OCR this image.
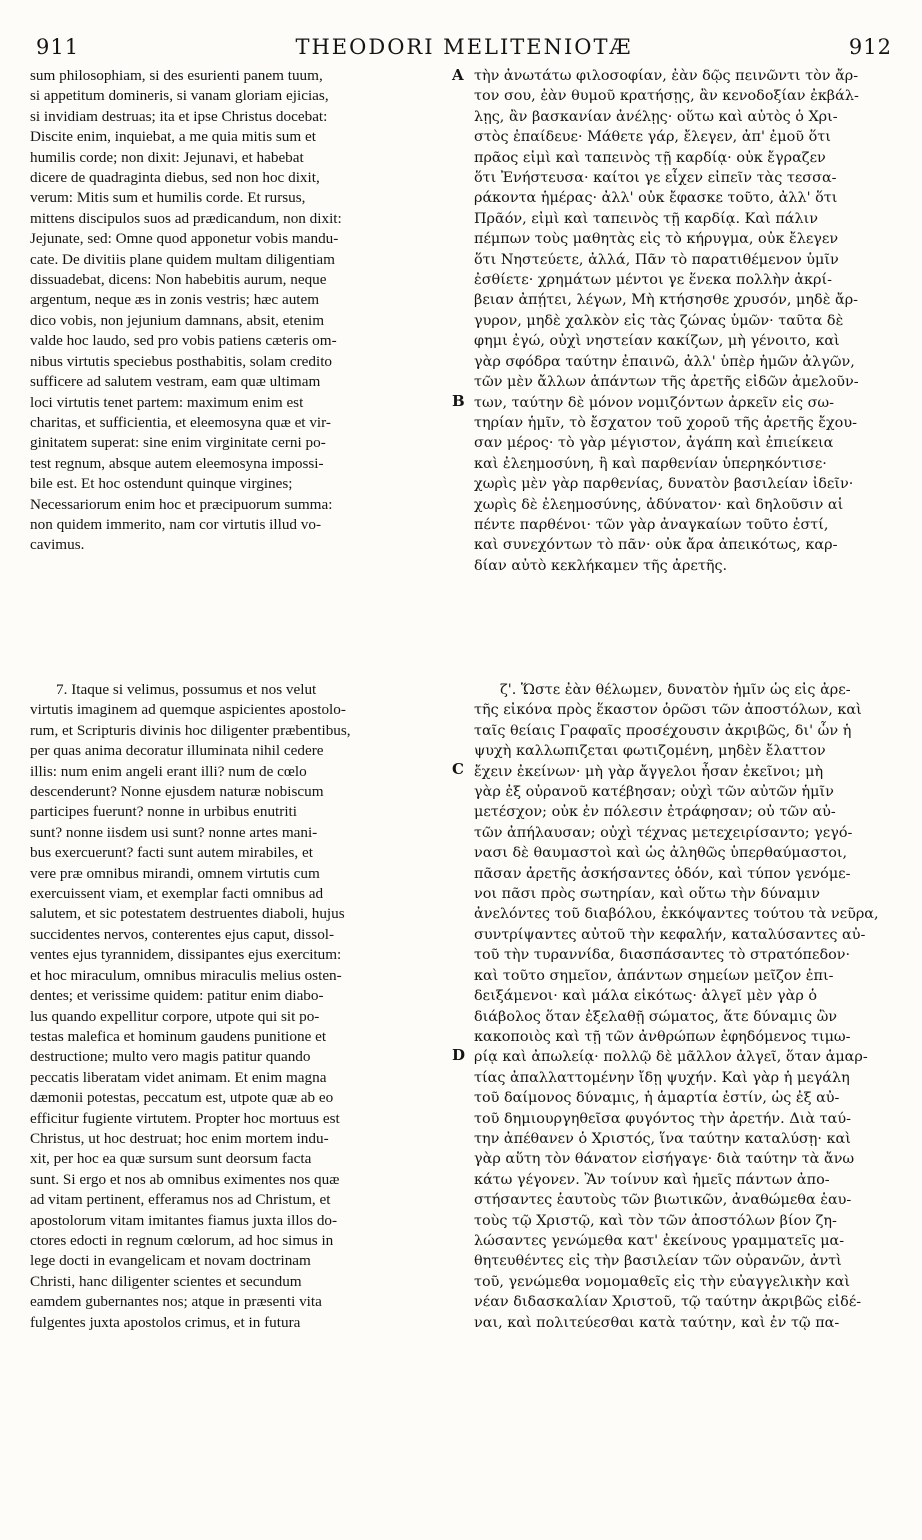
911	THEODORI MELITENIOTÆ	912
sum philosophiam, si des esurienti panem tuum,
si appetitum domineris, si vanam gloriam ejicias,
si invidiam destruas; ita et ipse Christus docebat:
Discite enim, inquiebat, a me quia mitis sum et
humilis corde; non dixit: Jejunavi, et habebat
dicere de quadraginta diebus, sed non hoc dixit,
verum: Mitis sum et humilis corde. Et rursus,
mittens discipulos suos ad prædicandum, non dixit:
Jejunate, sed: Omne quod apponetur vobis mandu-
cate. De divitiis plane quidem multam diligentiam
dissuadebat, dicens: Non habebitis aurum, neque
argentum, neque æs in zonis vestris; hæc autem
dico vobis, non jejunium damnans, absit, etenim
valde hoc laudo, sed pro vobis patiens cæteris om-
nibus virtutis speciebus posthabitis, solam credito
sufficere ad salutem vestram, eam quæ ultimam
loci virtutis tenet partem: maximum enim est
charitas, et sufficientia, et eleemosyna quæ et vir-
ginitatem superat: sine enim virginitate cerni po-
test regnum, absque autem eleemosyna impossi-
bile est. Et hoc ostendunt quinque virgines;
Necessariorum enim hoc et præcipuorum summa:
non quidem immerito, nam cor virtutis illud vo-
cavimus.
τὴν ἀνωτάτω φιλοσοφίαν, ἐὰν δῷς πεινῶντι τὸν ἄρ-
τον σου, ἐὰν θυμοῦ κρατήσῃς, ἂν κενοδοξίαν ἐκβάλ-
λῃς, ἂν βασκανίαν ἀνέλῃς· οὕτω καὶ αὐτὸς ὁ Χρι-
στὸς ἐπαίδευε· Μάθετε γάρ, ἔλεγεν, ἀπ' ἐμοῦ ὅτι
πρᾶος εἰμὶ καὶ ταπεινὸς τῇ καρδίᾳ· οὐκ ἔγραζεν
ὅτι Ἐνήστευσα· καίτοι γε εἶχεν εἰπεῖν τὰς τεσσα-
ράκοντα ἡμέρας· ἀλλ' οὐκ ἔφασκε τοῦτο, ἀλλ' ὅτι
Πρᾶόν, εἰμὶ καὶ ταπεινὸς τῇ καρδίᾳ. Καὶ πάλιν
πέμπων τοὺς μαθητὰς εἰς τὸ κήρυγμα, οὐκ ἔλεγεν
ὅτι Νηστεύετε, ἀλλά, Πᾶν τὸ παρατιθέμενον ὑμῖν
ἐσθίετε· χρημάτων μέντοι γε ἕνεκα πολλὴν ἀκρί-
βειαν ἀπῄτει, λέγων, Μὴ κτήσησθε χρυσόν, μηδὲ ἄρ-
γυρον, μηδὲ χαλκὸν εἰς τὰς ζώνας ὑμῶν· ταῦτα δὲ
φημι ἐγώ, οὐχὶ νηστείαν κακίζων, μὴ γένοιτο, καὶ
γὰρ σφόδρα ταύτην ἐπαινῶ, ἀλλ' ὑπὲρ ἡμῶν ἀλγῶν,
τῶν μὲν ἄλλων ἁπάντων τῆς ἀρετῆς εἰδῶν ἀμελοῦν-
των, ταύτην δὲ μόνον νομιζόντων ἀρκεῖν εἰς σω-
τηρίαν ἡμῖν, τὸ ἔσχατον τοῦ χοροῦ τῆς ἀρετῆς ἔχου-
σαν μέρος· τὸ γὰρ μέγιστον, ἀγάπη καὶ ἐπιείκεια
καὶ ἐλεημοσύνη, ἣ καὶ παρθενίαν ὑπερηκόντισε·
χωρὶς μὲν γὰρ παρθενίας, δυνατὸν βασιλείαν ἰδεῖν·
χωρὶς δὲ ἐλεημοσύνης, ἀδύνατον· καὶ δηλοῦσιν αἱ
πέντε παρθένοι· τῶν γὰρ ἀναγκαίων τοῦτο ἐστί,
καὶ συνεχόντων τὸ πᾶν· οὐκ ἄρα ἀπεικότως, καρ-
δίαν αὐτὸ κεκλήκαμεν τῆς ἀρετῆς.
7. Itaque si velimus, possumus et nos velut
virtutis imaginem ad quemque aspicientes apostolo-
rum, et Scripturis divinis hoc diligenter præbentibus,
per quas anima decoratur illuminata nihil cedere
illis: num enim angeli erant illi? num de cœlo
descenderunt? Nonne ejusdem naturæ nobiscum
participes fuerunt? nonne in urbibus enutriti
sunt? nonne iisdem usi sunt? nonne artes mani-
bus exercuerunt? facti sunt autem mirabiles, et
vere præ omnibus mirandi, omnem virtutis cum
exercuissent viam, et exemplar facti omnibus ad
salutem, et sic potestatem destruentes diaboli, hujus
succidentes nervos, conterentes ejus caput, dissol-
ventes ejus tyrannidem, dissipantes ejus exercitum:
et hoc miraculum, omnibus miraculis melius osten-
dentes; et verissime quidem: patitur enim diabo-
lus quando expellitur corpore, utpote qui sit po-
testas malefica et hominum gaudens punitione et
destructione; multo vero magis patitur quando
peccatis liberatam videt animam. Et enim magna
dæmonii potestas, peccatum est, utpote quæ ab eo
efficitur fugiente virtutem. Propter hoc mortuus est
Christus, ut hoc destruat; hoc enim mortem indu-
xit, per hoc ea quæ sursum sunt deorsum facta
sunt. Si ergo et nos ab omnibus eximentes nos quæ
ad vitam pertinent, efferamus nos ad Christum, et
apostolorum vitam imitantes fiamus juxta illos do-
ctores edocti in regnum cœlorum, ad hoc simus in
lege docti in evangelicam et novam doctrinam
Christi, hanc diligenter scientes et secundum
eamdem gubernantes nos; atque in præsenti vita
fulgentes juxta apostolos crimus, et in futura
ζ'. Ὥστε ἐὰν θέλωμεν, δυνατὸν ἡμῖν ὡς εἰς ἀρε-
τῆς εἰκόνα πρὸς ἕκαστον ὁρῶσι τῶν ἀποστόλων, καὶ
ταῖς θείαις Γραφαῖς προσέχουσιν ἀκριβῶς, δι' ὧν ἡ
ψυχὴ καλλωπιζεται φωτιζομένη, μηδὲν ἔλαττον
ἔχειν ἐκείνων· μὴ γὰρ ἄγγελοι ἦσαν ἐκεῖνοι; μὴ
γὰρ ἐξ οὐρανοῦ κατέβησαν; οὐχὶ τῶν αὐτῶν ἡμῖν
μετέσχον; οὐκ ἐν πόλεσιν ἐτράφησαν; οὐ τῶν αὐ-
τῶν ἀπήλαυσαν; οὐχὶ τέχνας μετεχειρίσαντο; γεγό-
νασι δὲ θαυμαστοὶ καὶ ὡς ἀληθῶς ὑπερθαύμαστοι,
πᾶσαν ἀρετῆς ἀσκήσαντες ὁδόν, καὶ τύπον γενόμε-
νοι πᾶσι πρὸς σωτηρίαν, καὶ οὕτω τὴν δύναμιν
ἀνελόντες τοῦ διαβόλου, ἐκκόψαντες τούτου τὰ νεῦρα,
συντρίψαντες αὐτοῦ τὴν κεφαλήν, καταλύσαντες αὐ-
τοῦ τὴν τυραννίδα, διασπάσαντες τὸ στρατόπεδον·
καὶ τοῦτο σημεῖον, ἁπάντων σημείων μεῖζον ἐπι-
δειξάμενοι· καὶ μάλα εἰκότως· ἀλγεῖ μὲν γὰρ ὁ
διάβολος ὅταν ἐξελαθῇ σώματος, ἅτε δύναμις ὢν
κακοποιὸς καὶ τῇ τῶν ἀνθρώπων ἐφηδόμενος τιμω-
ρίᾳ καὶ ἀπωλείᾳ· πολλῷ δὲ μᾶλλον ἀλγεῖ, ὅταν ἁμαρ-
τίας ἀπαλλαττομένην ἴδῃ ψυχήν. Καὶ γὰρ ἡ μεγάλη
τοῦ δαίμονος δύναμις, ἡ ἁμαρτία ἐστίν, ὡς ἐξ αὐ-
τοῦ δημιουργηθεῖσα φυγόντος τὴν ἀρετήν. Διὰ ταύ-
την ἀπέθανεν ὁ Χριστός, ἵνα ταύτην καταλύσῃ· καὶ
γὰρ αὕτη τὸν θάνατον εἰσήγαγε· διὰ ταύτην τὰ ἄνω
κάτω γέγονεν. Ἂν τοίνυν καὶ ἡμεῖς πάντων ἀπο-
στήσαντες ἑαυτοὺς τῶν βιωτικῶν, ἀναθώμεθα ἑαυ-
τοὺς τῷ Χριστῷ, καὶ τὸν τῶν ἀποστόλων βίον ζη-
λώσαντες γενώμεθα κατ' ἐκείνους γραμματεῖς μα-
θητευθέντες εἰς τὴν βασιλείαν τῶν οὐρανῶν, ἀντὶ
τοῦ, γενώμεθα νομομαθεῖς εἰς τὴν εὐαγγελικὴν καὶ
νέαν διδασκαλίαν Χριστοῦ, τῷ ταύτην ἀκριβῶς εἰδέ-
ναι, καὶ πολιτεύεσθαι κατὰ ταύτην, καὶ ἐν τῷ πα-
A
B
C
D
